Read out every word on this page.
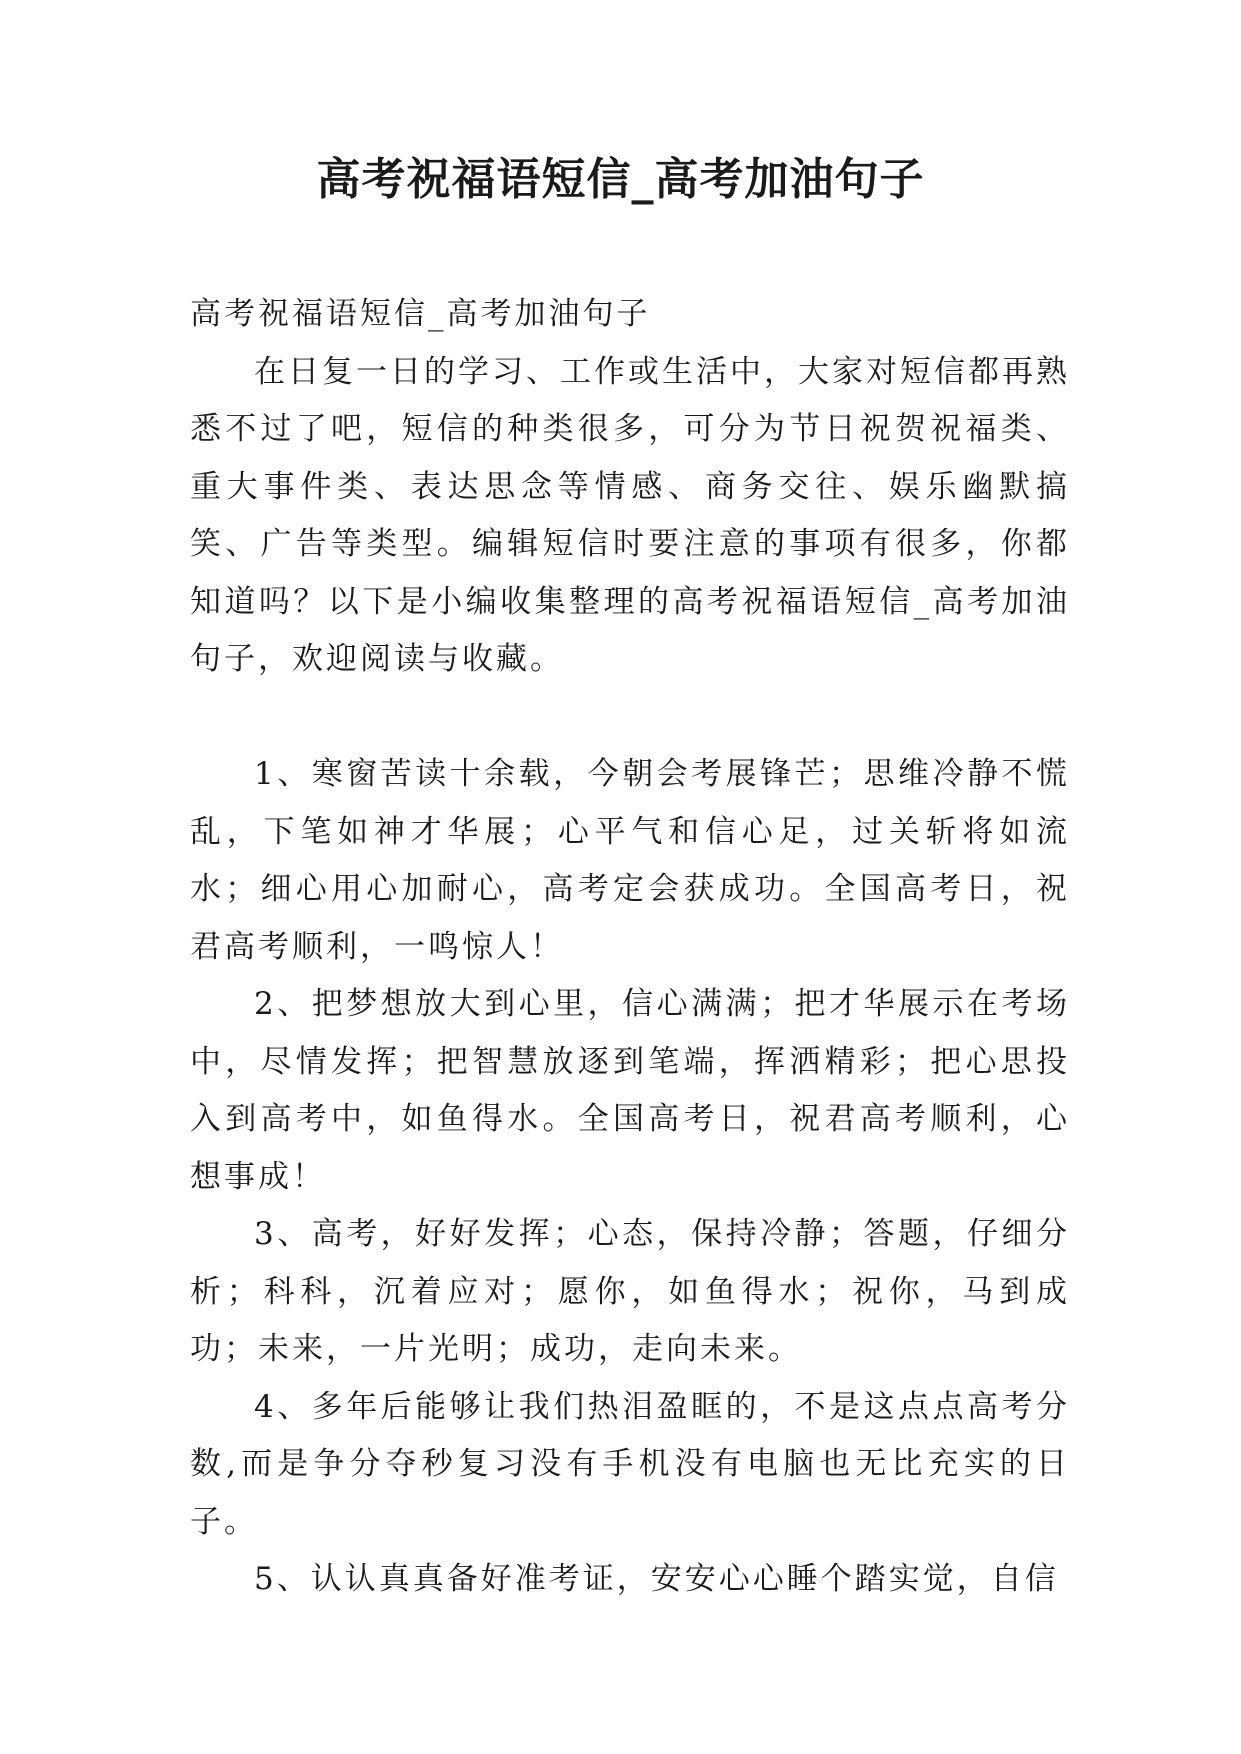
高考祝福语短信_高考加油句子

高考祝福语短信_高考加油句子

在日复一日的学习、工作或生活中，大家对短信都再熟悉不过了吧，短信的种类很多，可分为节日祝贺祝福类、重大事件类、表达思念等情感、商务交往、娱乐幽默搞笑、广告等类型。编辑短信时要注意的事项有很多，你都知道吗？以下是小编收集整理的高考祝福语短信_高考加油句子，欢迎阅读与收藏。

1、寒窗苦读十余载，今朝会考展锋芒；思维冷静不慌乱，下笔如神才华展；心平气和信心足，过关斩将如流水；细心用心加耐心，高考定会获成功。全国高考日，祝君高考顺利，一鸣惊人！

2、把梦想放大到心里，信心满满；把才华展示在考场中，尽情发挥；把智慧放逐到笔端，挥洒精彩；把心思投入到高考中，如鱼得水。全国高考日，祝君高考顺利，心想事成！

3、高考，好好发挥；心态，保持冷静；答题，仔细分析；科科，沉着应对；愿你，如鱼得水；祝你，马到成功；未来，一片光明；成功，走向未来。

4、多年后能够让我们热泪盈眶的，不是这点点高考分数,而是争分夺秒复习没有手机没有电脑也无比充实的日子。

5、认认真真备好准考证，安安心心睡个踏实觉，自信
